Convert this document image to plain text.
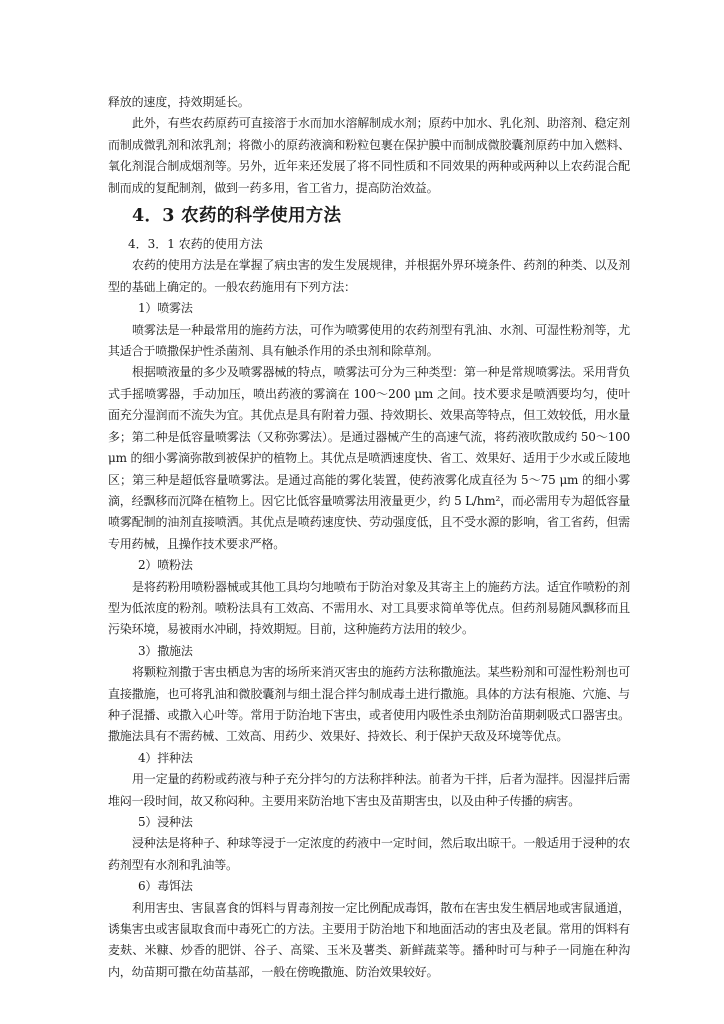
释放的速度，持效期延长。

此外，有些农药原药可直接溶于水而加水溶解制成水剂；原药中加水、乳化剂、助溶剂、稳定剂而制成微乳剂和浓乳剂；将微小的原药液滴和粉粒包裹在保护膜中而制成微胶囊剂原药中加入燃料、氧化剂混合制成烟剂等。另外，近年来还发展了将不同性质和不同效果的两种或两种以上农药混合配制而成的复配制剂，做到一药多用，省工省力，提高防治效益。

4．3 农药的科学使用方法
4．3．1 农药的使用方法

农药的使用方法是在掌握了病虫害的发生发展规律，并根据外界环境条件、药剂的种类、以及剂型的基础上确定的。一般农药施用有下列方法：

1）喷雾法

喷雾法是一种最常用的施药方法，可作为喷雾使用的农药剂型有乳油、水剂、可湿性粉剂等，尤其适合于喷撒保护性杀菌剂、具有触杀作用的杀虫剂和除草剂。

根据喷液量的多少及喷雾器械的特点，喷雾法可分为三种类型：第一种是常规喷雾法。采用背负式手摇喷雾器，手动加压，喷出药液的雾滴在 100～200 μm 之间。技术要求是喷洒要均匀，使叶面充分湿润而不流失为宜。其优点是具有附着力强、持效期长、效果高等特点，但工效较低，用水量多；第二种是低容量喷雾法（又称弥雾法）。是通过器械产生的高速气流，将药液吹散成约 50～100 μm 的细小雾滴弥散到被保护的植物上。其优点是喷洒速度快、省工、效果好、适用于少水或丘陵地区；第三种是超低容量喷雾法。是通过高能的雾化装置，使药液雾化成直径为 5～75 μm 的细小雾滴，经飘移而沉降在植物上。因它比低容量喷雾法用液量更少，约 5 L/hm²，而必需用专为超低容量喷雾配制的油剂直接喷洒。其优点是喷药速度快、劳动强度低，且不受水源的影响，省工省药，但需专用药械，且操作技术要求严格。

2）喷粉法

是将药粉用喷粉器械或其他工具均匀地喷布于防治对象及其寄主上的施药方法。适宜作喷粉的剂型为低浓度的粉剂。喷粉法具有工效高、不需用水、对工具要求简单等优点。但药剂易随风飘移而且污染环境，易被雨水冲刷，持效期短。目前，这种施药方法用的较少。

3）撒施法

将颗粒剂撒于害虫栖息为害的场所来消灭害虫的施药方法称撒施法。某些粉剂和可湿性粉剂也可直接撒施，也可将乳油和微胶囊剂与细土混合拌匀制成毒土进行撒施。具体的方法有根施、穴施、与种子混播、或撒入心叶等。常用于防治地下害虫，或者使用内吸性杀虫剂防治苗期刺吸式口器害虫。撒施法具有不需药械、工效高、用药少、效果好、持效长、利于保护天敌及环境等优点。

4）拌种法

用一定量的药粉或药液与种子充分拌匀的方法称拌种法。前者为干拌，后者为湿拌。因湿拌后需堆闷一段时间，故又称闷种。主要用来防治地下害虫及苗期害虫，以及由种子传播的病害。

5）浸种法

浸种法是将种子、种球等浸于一定浓度的药液中一定时间，然后取出晾干。一般适用于浸种的农药剂型有水剂和乳油等。

6）毒饵法

利用害虫、害鼠喜食的饵料与胃毒剂按一定比例配成毒饵，散布在害虫发生栖居地或害鼠通道，诱集害虫或害鼠取食而中毒死亡的方法。主要用于防治地下和地面活动的害虫及老鼠。常用的饵料有麦麸、米糠、炒香的肥饼、谷子、高粱、玉米及薯类、新鲜蔬菜等。播种时可与种子一同施在种沟内，幼苗期可撒在幼苗基部，一般在傍晚撒施、防治效果较好。
